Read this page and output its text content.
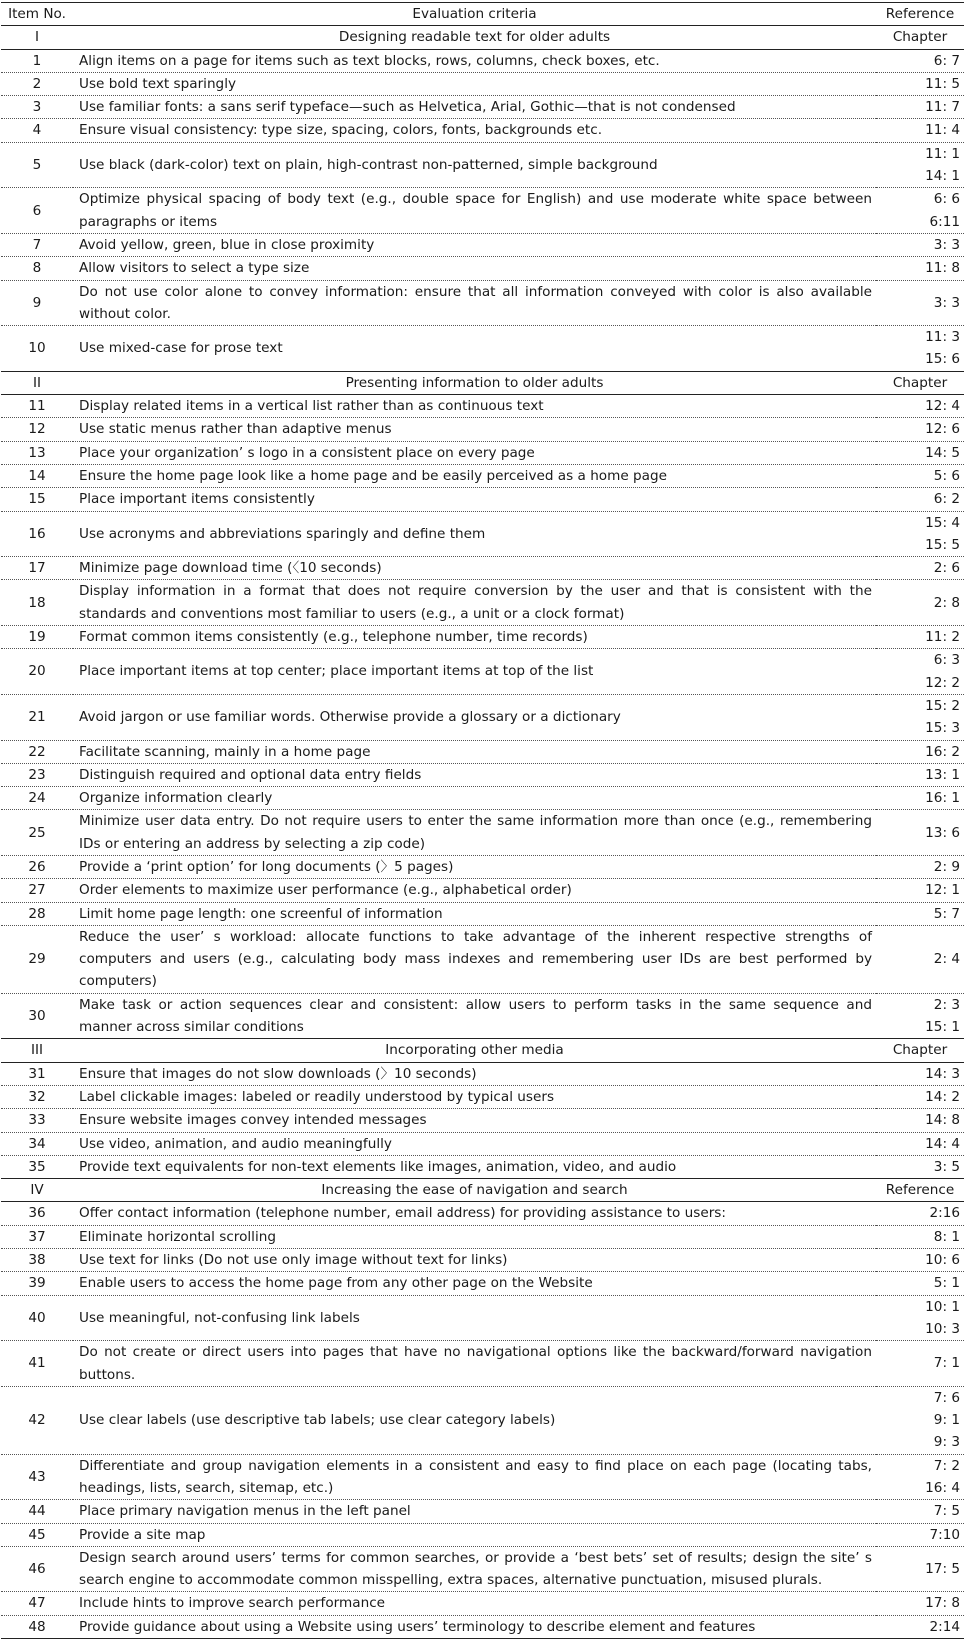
Item No.	Evaluation criteria	Reference
I	Designing readable text for older adults	Chapter
1	Align items on a page for items such as text blocks, rows, columns, check boxes, etc.	6: 7

2	Use bold text sparingly	11: 5

3	Use familiar fonts: a sans serif typeface—such as Helvetica, Arial, Gothic—that is not condensed	11: 7

4	Ensure visual consistency: type size, spacing, colors, fonts, backgrounds etc.	11: 4

5	Use black (dark-color) text on plain, high-contrast non-patterned, simple background	11: 1
14: 1

6	Optimize physical spacing of body text (e.g., double space for English) and use moderate white space between paragraphs or items	6: 6
6:11

7	Avoid yellow, green, blue in close proximity	3: 3

8	Allow visitors to select a type size	11: 8

9	Do not use color alone to convey information: ensure that all information conveyed with color is also available without color.	3: 3

10	Use mixed-case for prose text	11: 3
15: 6

II	Presenting information to older adults	Chapter
11	Display related items in a vertical list rather than as continuous text	12: 4

12	Use static menus rather than adaptive menus	12: 6

13	Place your organization’ s logo in a consistent place on every page	14: 5

14	Ensure the home page look like a home page and be easily perceived as a home page	5: 6

15	Place important items consistently	6: 2

16	Use acronyms and abbreviations sparingly and define them	15: 4
15: 5

17	Minimize page download time (〈10 seconds)	2: 6

18	Display information in a format that does not require conversion by the user and that is consistent with the standards and conventions most familiar to users (e.g., a unit or a clock format)	2: 8

19	Format common items consistently (e.g., telephone number, time records)	11: 2

20	Place important items at top center; place important items at top of the list	6: 3
12: 2

21	Avoid jargon or use familiar words. Otherwise provide a glossary or a dictionary	15: 2
15: 3

22	Facilitate scanning, mainly in a home page	16: 2

23	Distinguish required and optional data entry fields	13: 1

24	Organize information clearly	16: 1

25	Minimize user data entry. Do not require users to enter the same information more than once (e.g., remembering IDs or entering an address by selecting a zip code)	13: 6

26	Provide a ‘print option’ for long documents (〉5 pages)	2: 9

27	Order elements to maximize user performance (e.g., alphabetical order)	12: 1

28	Limit home page length: one screenful of information	5: 7

29	Reduce the user’ s workload: allocate functions to take advantage of the inherent respective strengths of computers and users (e.g., calculating body mass indexes and remembering user IDs are best performed by computers)	2: 4

30	Make task or action sequences clear and consistent: allow users to perform tasks in the same sequence and manner across similar conditions	2: 3
15: 1

III	Incorporating other media	Chapter
31	Ensure that images do not slow downloads (〉10 seconds)	14: 3

32	Label clickable images: labeled or readily understood by typical users	14: 2

33	Ensure website images convey intended messages	14: 8

34	Use video, animation, and audio meaningfully	14: 4

35	Provide text equivalents for non-text elements like images, animation, video, and audio	3: 5

IV	Increasing the ease of navigation and search	Reference
36	Offer contact information (telephone number, email address) for providing assistance to users:	2:16

37	Eliminate horizontal scrolling	8: 1

38	Use text for links (Do not use only image without text for links)	10: 6

39	Enable users to access the home page from any other page on the Website	5: 1

40	Use meaningful, not-confusing link labels	10: 1
10: 3

41	Do not create or direct users into pages that have no navigational options like the backward/forward navigation buttons.	7: 1

42	Use clear labels (use descriptive tab labels; use clear category labels)	7: 6
9: 1
9: 3

43	Differentiate and group navigation elements in a consistent and easy to find place on each page (locating tabs, headings, lists, search, sitemap, etc.)	7: 2
16: 4

44	Place primary navigation menus in the left panel	7: 5

45	Provide a site map	7:10

46	Design search around users’ terms for common searches, or provide a ‘best bets’ set of results; design the site’ s search engine to accommodate common misspelling, extra spaces, alternative punctuation, misused plurals.	17: 5

47	Include hints to improve search performance	17: 8

48	Provide guidance about using a Website using users’ terminology to describe element and features	2:14
